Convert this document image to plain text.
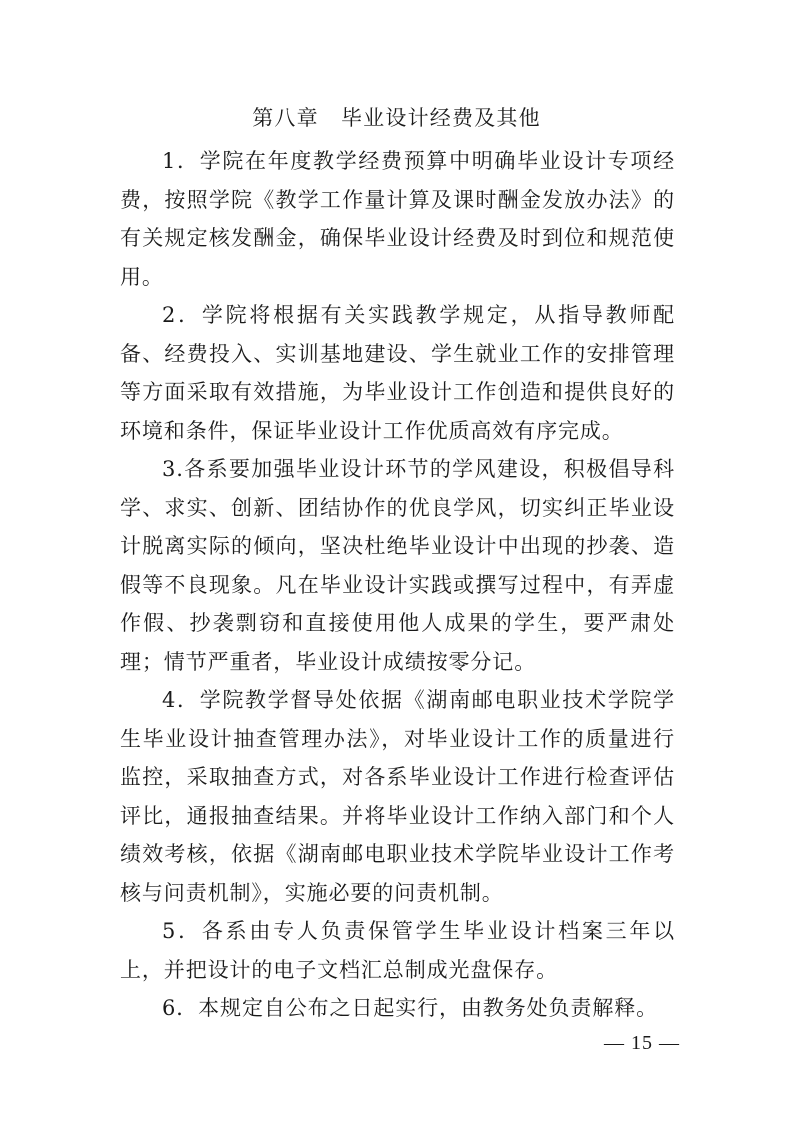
第八章　毕业设计经费及其他

1．学院在年度教学经费预算中明确毕业设计专项经费，按照学院《教学工作量计算及课时酬金发放办法》的有关规定核发酬金，确保毕业设计经费及时到位和规范使用。

2．学院将根据有关实践教学规定，从指导教师配备、经费投入、实训基地建设、学生就业工作的安排管理等方面采取有效措施，为毕业设计工作创造和提供良好的环境和条件，保证毕业设计工作优质高效有序完成。

3.各系要加强毕业设计环节的学风建设，积极倡导科学、求实、创新、团结协作的优良学风，切实纠正毕业设计脱离实际的倾向，坚决杜绝毕业设计中出现的抄袭、造假等不良现象。凡在毕业设计实践或撰写过程中，有弄虚作假、抄袭剽窃和直接使用他人成果的学生，要严肃处理；情节严重者，毕业设计成绩按零分记。

4．学院教学督导处依据《湖南邮电职业技术学院学生毕业设计抽查管理办法》，对毕业设计工作的质量进行监控，采取抽查方式，对各系毕业设计工作进行检查评估评比，通报抽查结果。并将毕业设计工作纳入部门和个人绩效考核，依据《湖南邮电职业技术学院毕业设计工作考核与问责机制》，实施必要的问责机制。

5．各系由专人负责保管学生毕业设计档案三年以上，并把设计的电子文档汇总制成光盘保存。

6．本规定自公布之日起实行，由教务处负责解释。

— 15 —
